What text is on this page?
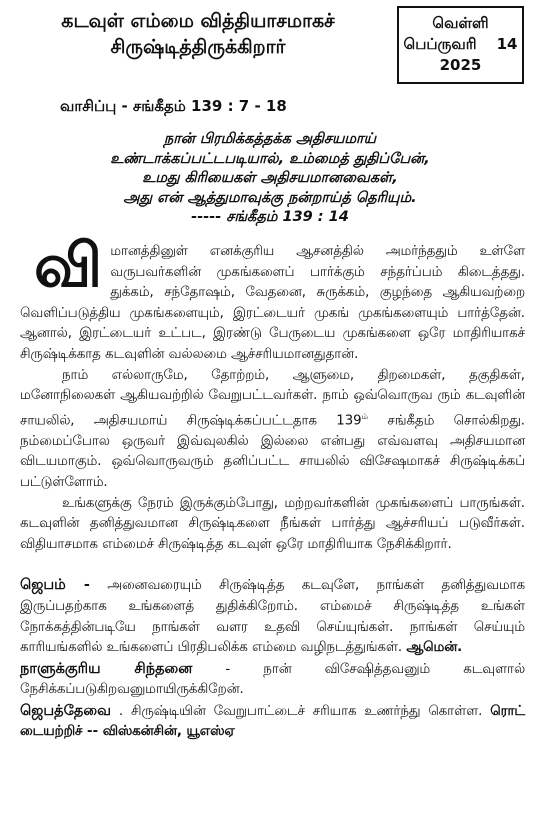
கடவுள் எம்மை வித்தியாசமாகச்
சிருஷ்டித்திருக்கிறார்
வெள்ளி
பெப்ருவரி 14
2025
வாசிப்பு - சங்கீதம் 139 : 7 - 18
நான் பிரமிக்கத்தக்க அதிசயமாய்
உண்டாக்கப்பட்டபடியால், உம்மைத் துதிப்பேன்,
உமது கிரியைகள் அதிசயமானவைகள்,
அது என் ஆத்துமாவுக்கு நன்றாய்த் தெரியும்.
----- சங்கீதம் 139 : 14

விமானத்தினுள் எனக்குரிய ஆசனத்தில் அமர்ந்ததும் உள்ளே வருபவர்களின் முகங்களைப் பார்க்கும் சந்தர்ப்பம் கிடைத்தது. துக்கம், சந்தோஷம், வேதனை, சுருக்கம், குழந்தை ஆகியவற்றை வெளிப்படுத்திய முகங்களையும், இரட்டையர் முகங் முகங்களையும் பார்த்தேன். ஆனால், இரட்டையர் உட்பட, இரண்டு பேருடைய முகங்களை ஒரே மாதிரியாகச் சிருஷ்டிக்காத கடவுளின் வல்லமை ஆச்சரியமானதுதான்.

நாம் எல்லாருமே, தோற்றம், ஆளுமை, திறமைகள், தகுதிகள், மனோநிலைகள் ஆகியவற்றில் வேறுபட்டவர்கள். நாம் ஒவ்வொருவ ரும் கடவுளின் சாயலில், அதிசயமாய் சிருஷ்டிக்கப்பட்டதாக $139^{ம்}$ சங்கீதம் சொல்கிறது. நம்மைப்போல ஒருவர் இவ்வுலகில் இல்லை என்பது எவ்வளவு அதிசயமான விடயமாகும். ஒவ்வொருவரும் தனிப்பட்ட சாயலில் விசேஷமாகச் சிருஷ்டிக்கப் பட்டுள்ளோம்.

உங்களுக்கு நேரம் இருக்கும்போது, மற்றவர்களின் முகங்களைப் பாருங்கள். கடவுளின் தனித்துவமான சிருஷ்டிகளை நீங்கள் பார்த்து ஆச்சரியப் படுவீர்கள். விதியாசமாக எம்மைச் சிருஷ்டித்த கடவுள் ஒரே மாதிரியாக நேசிக்கிறார்.

ஜெபம் - அனைவரையும் சிருஷ்டித்த கடவுளே, நாங்கள் தனித்துவமாக இருப்பதற்காக உங்களைத் துதிக்கிறோம். எம்மைச் சிருஷ்டித்த உங்கள் நோக்கத்தின்படியே நாங்கள் வளர உதவி செய்யுங்கள். நாங்கள் செய்யும் காரியங்களில் உங்களைப் பிரதிபலிக்க எம்மை வழிநடத்துங்கள். ஆமென்.

நாளுக்குரிய சிந்தனை - நான் விசேஷித்தவனும் கடவுளால் நேசிக்கப்படுகிறவனுமாயிருக்கிறேன்.

ஜெபத்தேவை . சிருஷ்டியின் வேறுபாட்டைச் சரியாக உணர்ந்து கொள்ள. ரொட் டையற்றிச் -- விஸ்கன்சின், யூஎஸ்ஏ
